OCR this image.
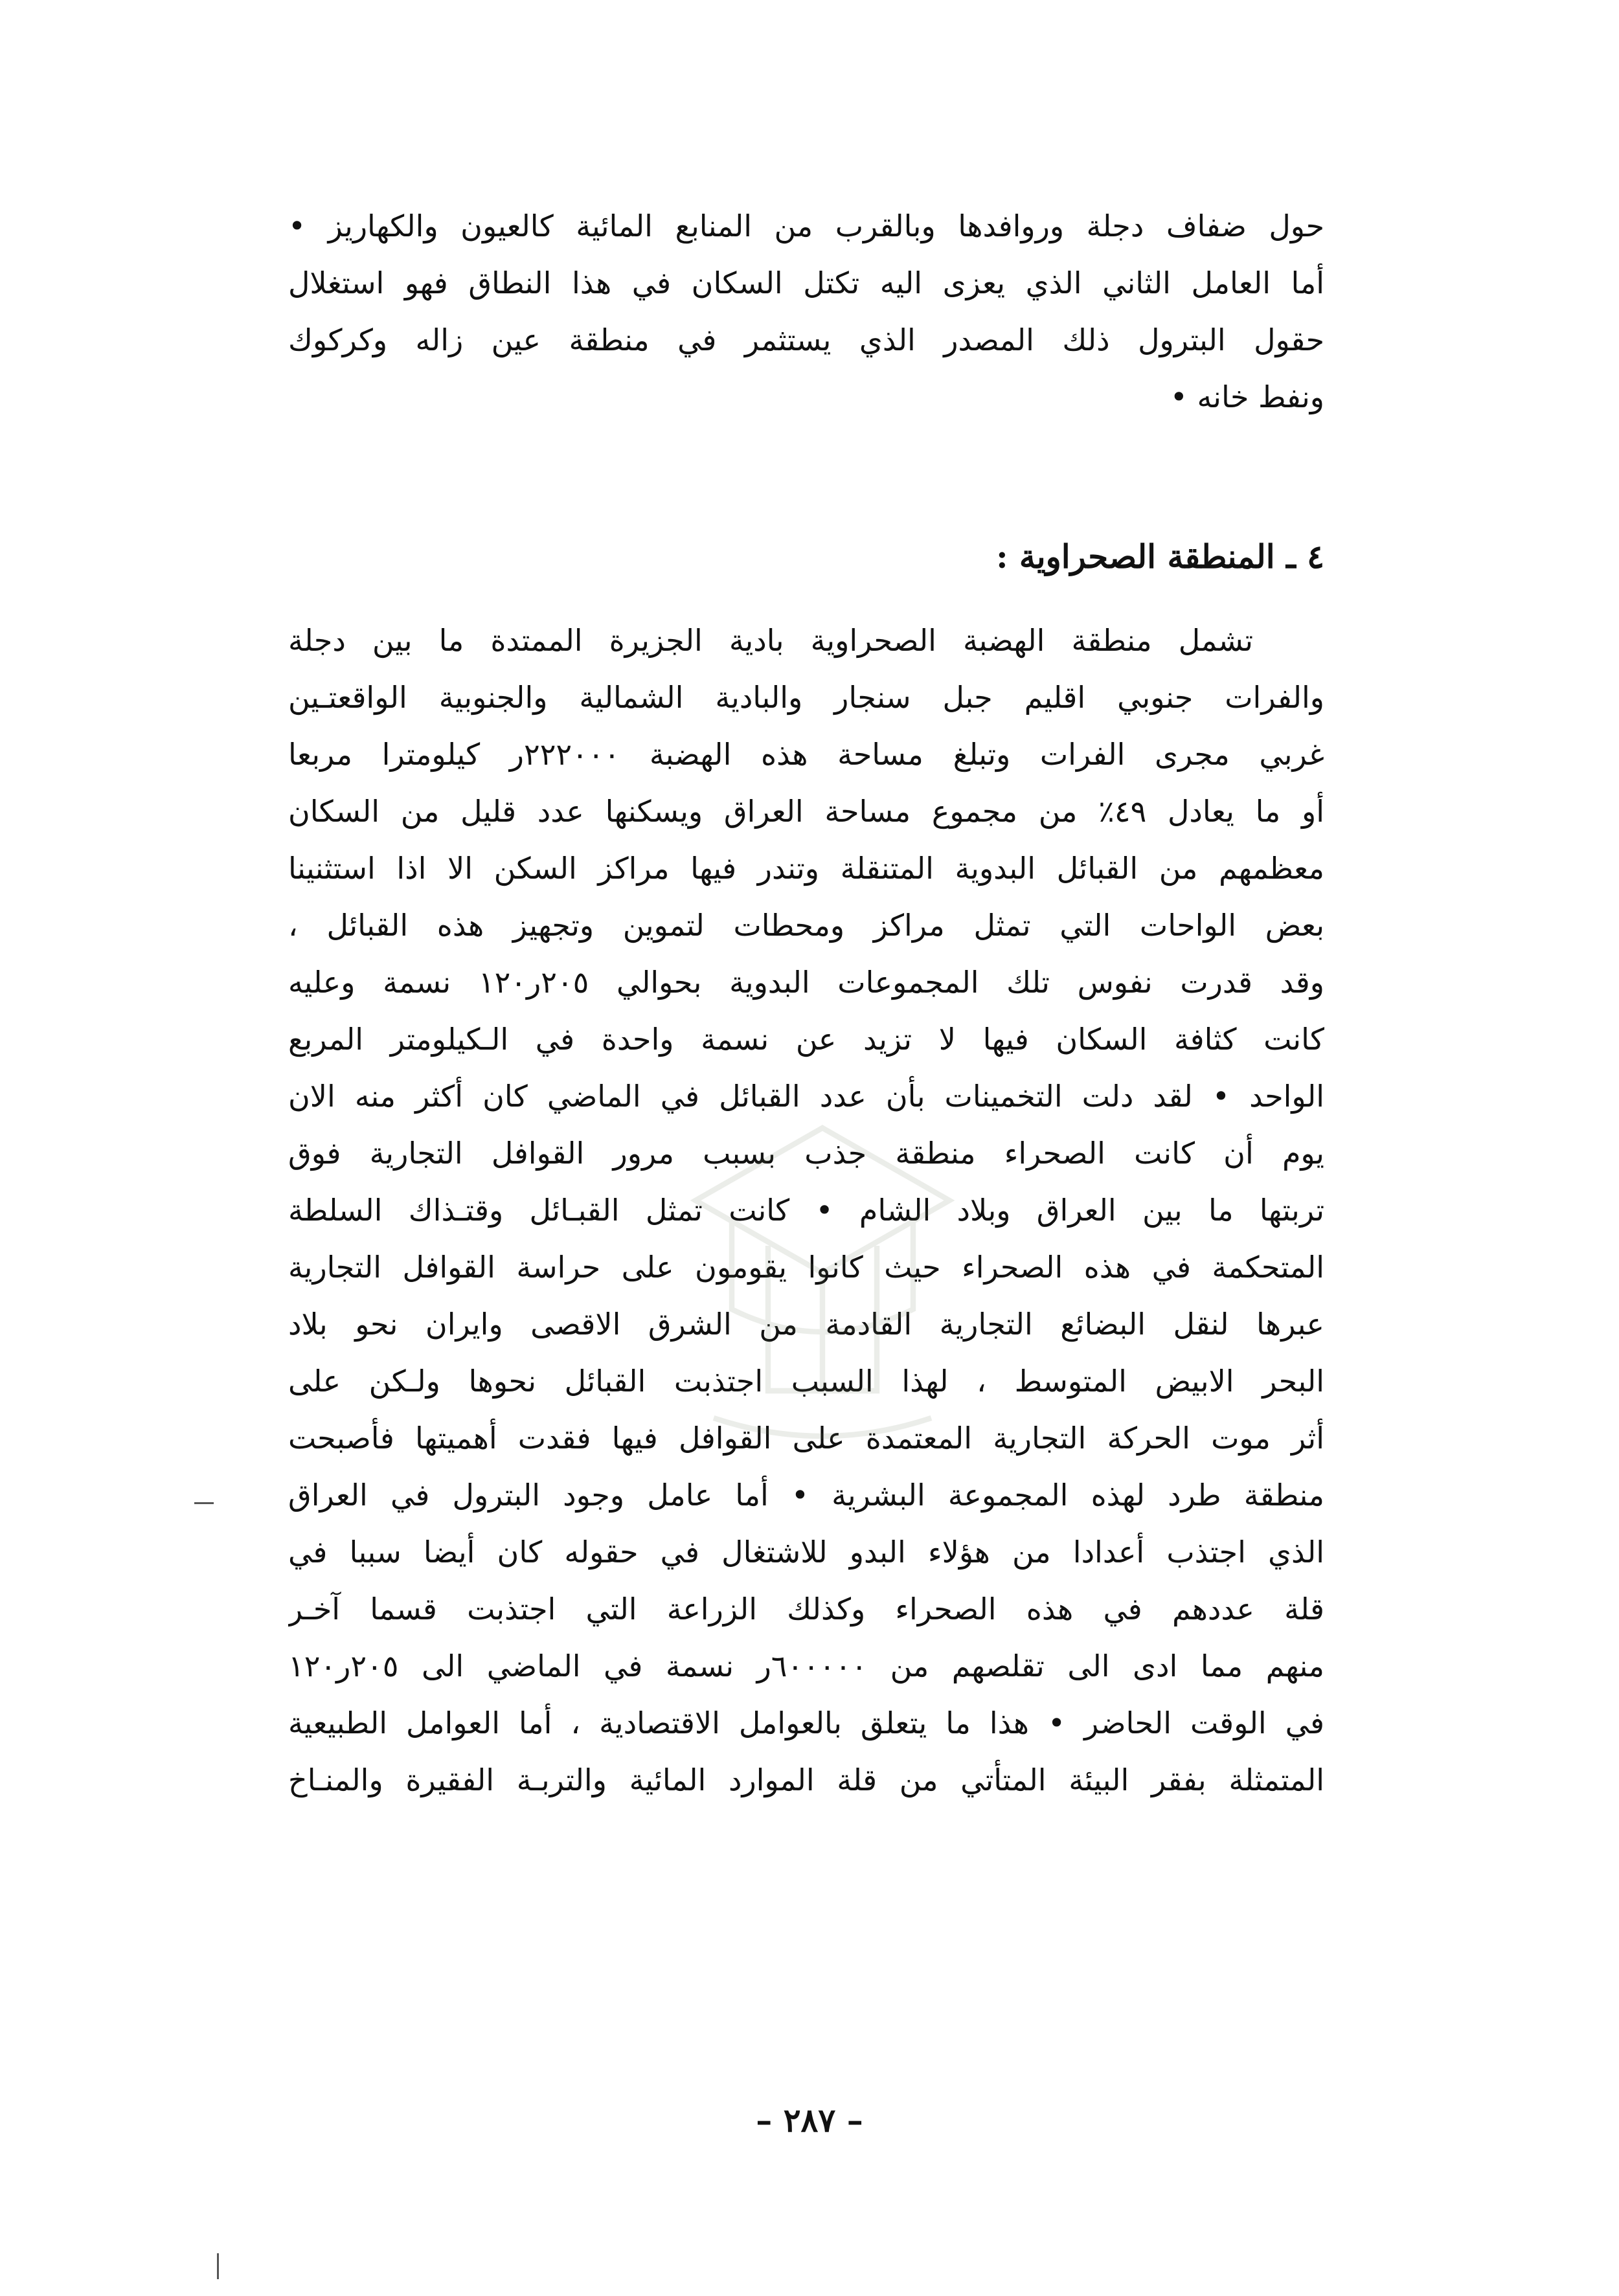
حول ضفاف دجلة وروافدها وبالقرب من المنابع المائية كالعيون والكهاريز •
أما العامل الثاني الذي يعزى اليه تكتل السكان في هذا النطاق فهو استغلال
حقول البترول ذلك المصدر الذي يستثمر في منطقة عين زاله وكركوك
ونفط خانه •
٤ ـ المنطقة الصحراوية :
تشمل منطقة الهضبة الصحراوية بادية الجزيرة الممتدة ما بين دجلة
والفرات جنوبي اقليم جبل سنجار والبادية الشمالية والجنوبية الواقعتـين
غربي مجرى الفرات وتبلغ مساحة هذه الهضبة ٢٢٢٠٠٠ر كيلومترا مربعا
أو ما يعادل ٤٩٪ من مجموع مساحة العراق ويسكنها عدد قليل من السكان
معظمهم من القبائل البدوية المتنقلة وتندر فيها مراكز السكن الا اذا استثنينا
بعض الواحات التي تمثل مراكز ومحطات لتموين وتجهيز هذه القبائل ،
وقد قدرت نفوس تلك المجموعات البدوية بحوالي ٢٠٥ر١٢٠ نسمة وعليه
كانت كثافة السكان فيها لا تزيد عن نسمة واحدة في الـكيلومتر المربع
الواحد • لقد دلت التخمينات بأن عدد القبائل في الماضي كان أكثر منه الان
يوم أن كانت الصحراء منطقة جذب بسبب مرور القوافل التجارية فوق
تربتها ما بين العراق وبلاد الشام • كانت تمثل القبـائل وقتـذاك السلطة
المتحكمة في هذه الصحراء حيث كانوا يقومون على حراسة القوافل التجارية
عبرها لنقل البضائع التجارية القادمة من الشرق الاقصى وايران نحو بلاد
البحر الابيض المتوسط ، لهذا السبب اجتذبت القبائل نحوها ولـكن على
أثر موت الحركة التجارية المعتمدة على القوافل فيها فقدت أهميتها فأصبحت
منطقة طرد لهذه المجموعة البشرية • أما عامل وجود البترول في العراق
الذي اجتذب أعدادا من هؤلاء البدو للاشتغال في حقوله كان أيضا سببا في
قلة عددهم في هذه الصحراء وكذلك الزراعة التي اجتذبت قسما آخـر
منهم مما ادى الى تقلصهم من ٦٠٠٠٠٠ر نسمة في الماضي الى ٢٠٥ر١٢٠
في الوقت الحاضر • هذا ما يتعلق بالعوامل الاقتصادية ، أما العوامل الطبيعية
المتمثلة بفقر البيئة المتأتي من قلة الموارد المائية والتربـة الفقيرة والمنـاخ
– ٢٨٧ –
